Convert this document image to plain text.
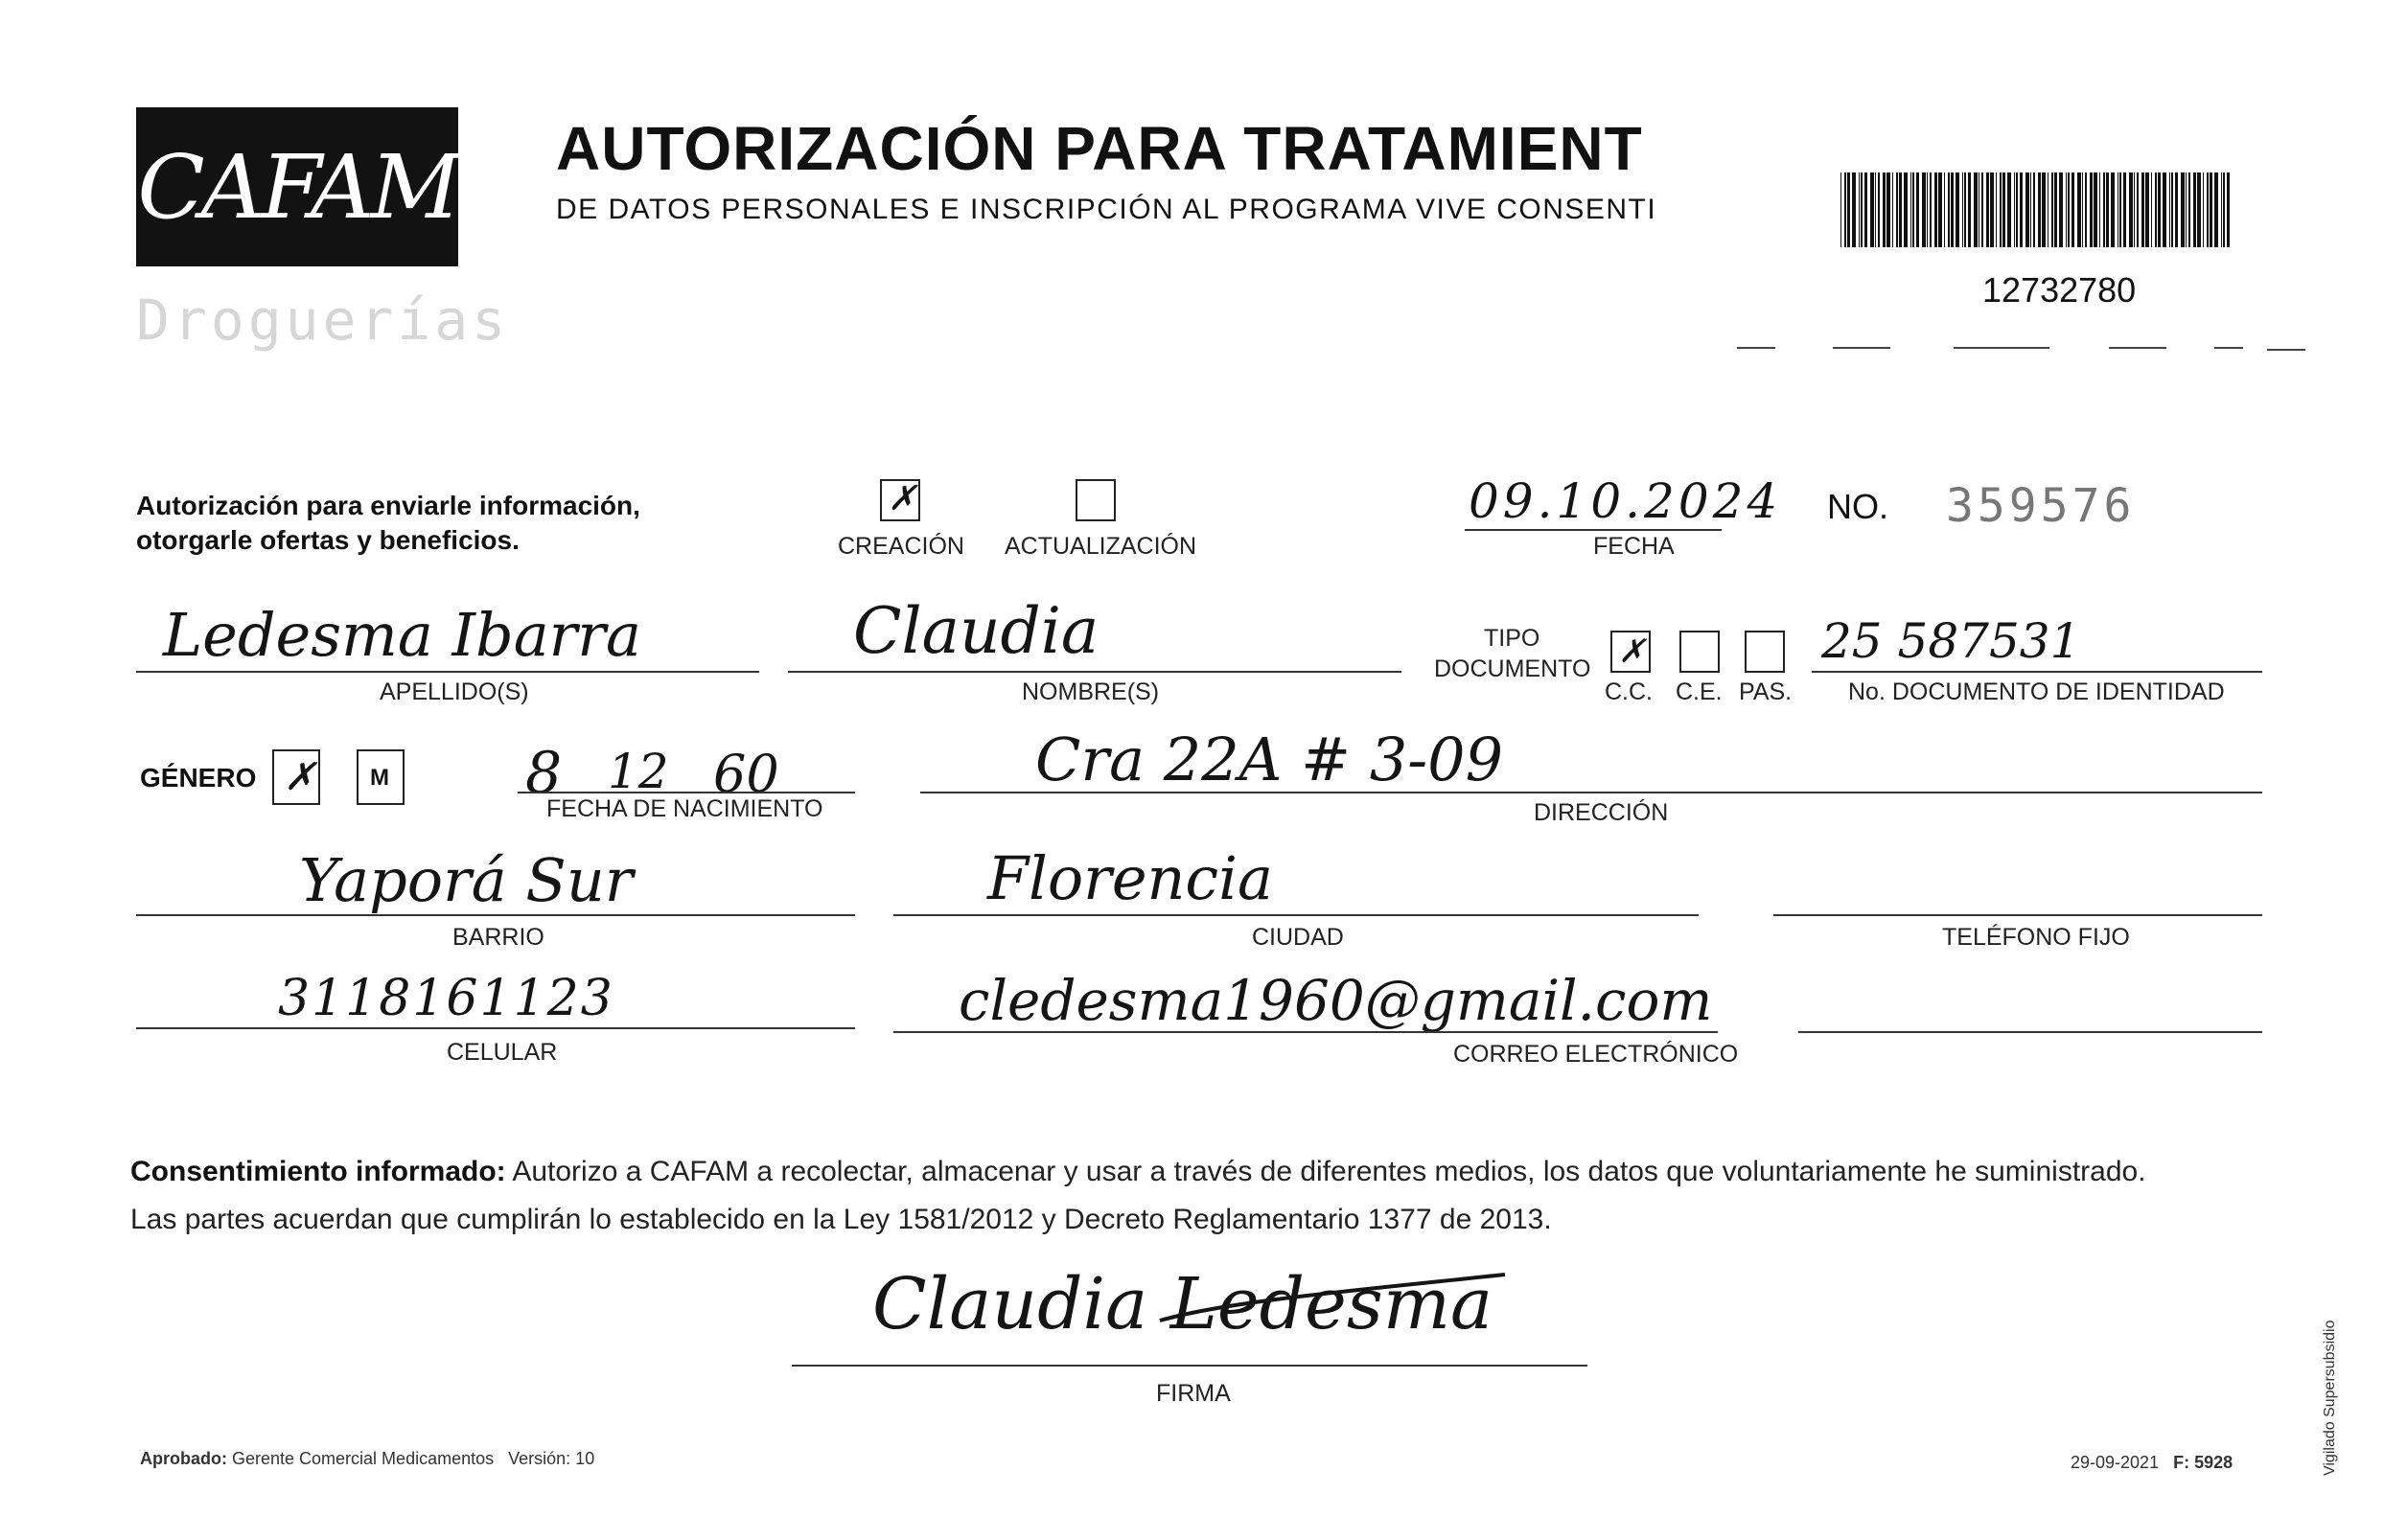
CAFAM
Droguerías
AUTORIZACIÓN PARA TRATAMIENT
DE DATOS PERSONALES E INSCRIPCIÓN AL PROGRAMA VIVE CONSENTI
12732780
Autorización para enviarle información,
otorgarle ofertas y beneficios.
✗
CREACIÓN ACTUALIZACIÓN
09.10.2024
FECHA
NO. 359576
Ledesma Ibarra
APELLIDO(S)
Claudia
NOMBRE(S)
TIPO
DOCUMENTO ✗
C.C. C.E. PAS.
25 587531
No. DOCUMENTO DE IDENTIDAD
GÉNERO ✗ M 8 12 60
FECHA DE NACIMIENTO
Cra 22A # 3-09
DIRECCIÓN
Yaporá Sur
BARRIO
Florencia
CIUDAD	TELÉFONO FIJO
3118161123
CELULAR
cledesma1960@gmail.com
CORREO ELECTRÓNICO
Consentimiento informado: Autorizo a CAFAM a recolectar, almacenar y usar a través de diferentes medios, los datos que voluntariamente he suministrado.
Las partes acuerdan que cumplirán lo establecido en la Ley 1581/2012 y Decreto Reglamentario 1377 de 2013.
Claudia Ledesma
FIRMA
Aprobado: Gerente Comercial Medicamentos Versión: 10	29-09-2021 F: 5928	Vigilado Supersubsidio
